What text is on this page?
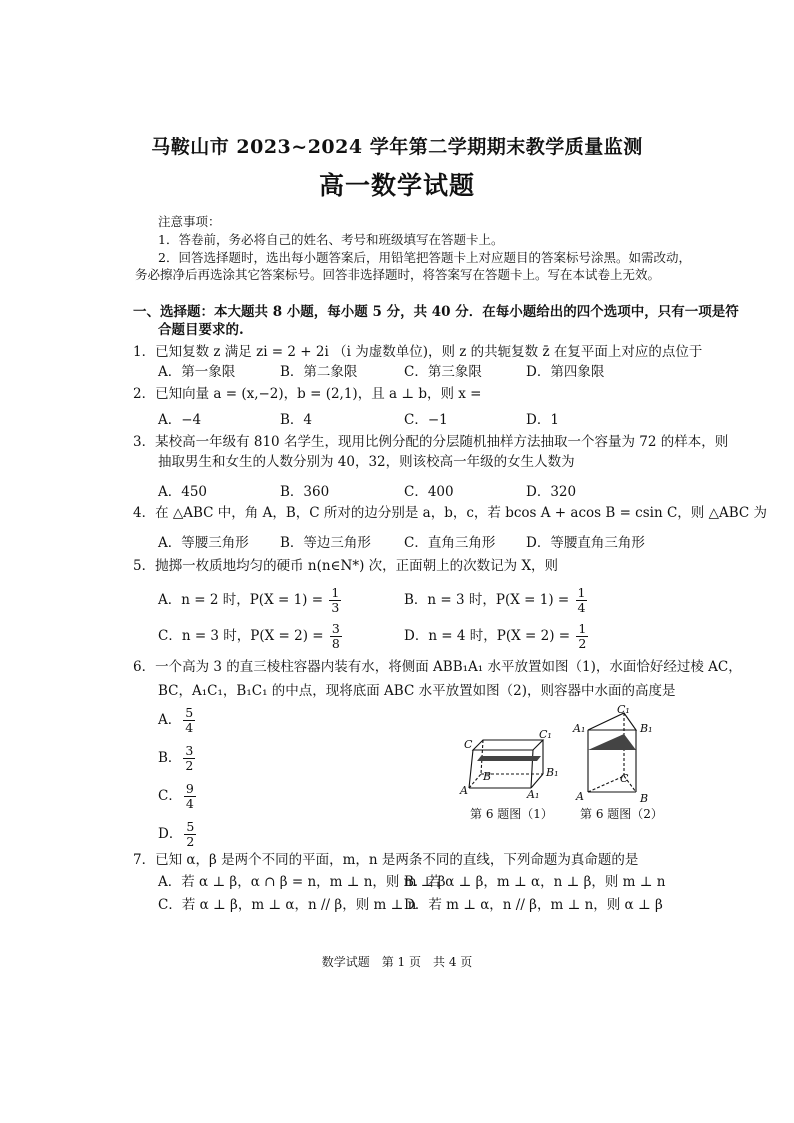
马鞍山市 2023~2024 学年第二学期期末教学质量监测
高一数学试题
注意事项：
1．答卷前，务必将自己的姓名、考号和班级填写在答题卡上。
2．回答选择题时，选出每小题答案后，用铅笔把答题卡上对应题目的答案标号涂黑。如需改动，
务必擦净后再选涂其它答案标号。回答非选择题时，将答案写在答题卡上。写在本试卷上无效。
一、选择题：本大题共 8 小题，每小题 5 分，共 40 分．在每小题给出的四个选项中，只有一项是符
合题目要求的.
1．已知复数 z 满足 zi = 2 + 2i （i 为虚数单位)，则 z 的共轭复数 z̄ 在复平面上对应的点位于
A．第一象限	B．第二象限	C．第三象限	D．第四象限
2．已知向量 a = (x,−2)，b = (2,1)，且 a ⊥ b，则 x =
A．−4	B．4	C．−1	D．1
3．某校高一年级有 810 名学生，现用比例分配的分层随机抽样方法抽取一个容量为 72 的样本，则
抽取男生和女生的人数分别为 40，32，则该校高一年级的女生人数为
A．450	B．360	C．400	D．320
4．在 △ABC 中，角 A，B，C 所对的边分别是 a，b，c，若 bcos A + acos B = csin C，则 △ABC 为
A．等腰三角形 B．等边三角形 C．直角三角形 D．等腰直角三角形
5．抛掷一枚质地均匀的硬币 n(n∈N*) 次，正面朝上的次数记为 X，则
A．n = 2 时，$P(X = 1) = \frac{1}{3}$	B．n = 3 时，$P(X = 1) = \frac{1}{4}$
C．n = 3 时，$P(X = 2) = \frac{3}{8}$	D．n = 4 时，$P(X = 2) = \frac{1}{2}$
6．一个高为 3 的直三棱柱容器内装有水，将侧面 ABB₁A₁ 水平放置如图（1)，水面恰好经过棱 AC，
BC，A₁C₁，B₁C₁ 的中点，现将底面 ABC 水平放置如图（2)，则容器中水面的高度是
A． $\frac{5}{4}$
B． $\frac{3}{2}$
C． $\frac{9}{4}$
D． $\frac{5}{2}$
C
C₁
B	B₁
A	A₁
第 6 题图（1）
C₁
A₁	B₁
C
A	B
第 6 题图（2）
7．已知 α，β 是两个不同的平面，m，n 是两条不同的直线，下列命题为真命题的是
A．若 α ⊥ β，α ∩ β = n，m ⊥ n，则 m ⊥ β
B．若 α ⊥ β，m ⊥ α，n ⊥ β，则 m ⊥ n
C．若 α ⊥ β，m ⊥ α，n // β，则 m ⊥ n
D．若 m ⊥ α，n // β，m ⊥ n，则 α ⊥ β
数学试题　第 1 页　共 4 页
